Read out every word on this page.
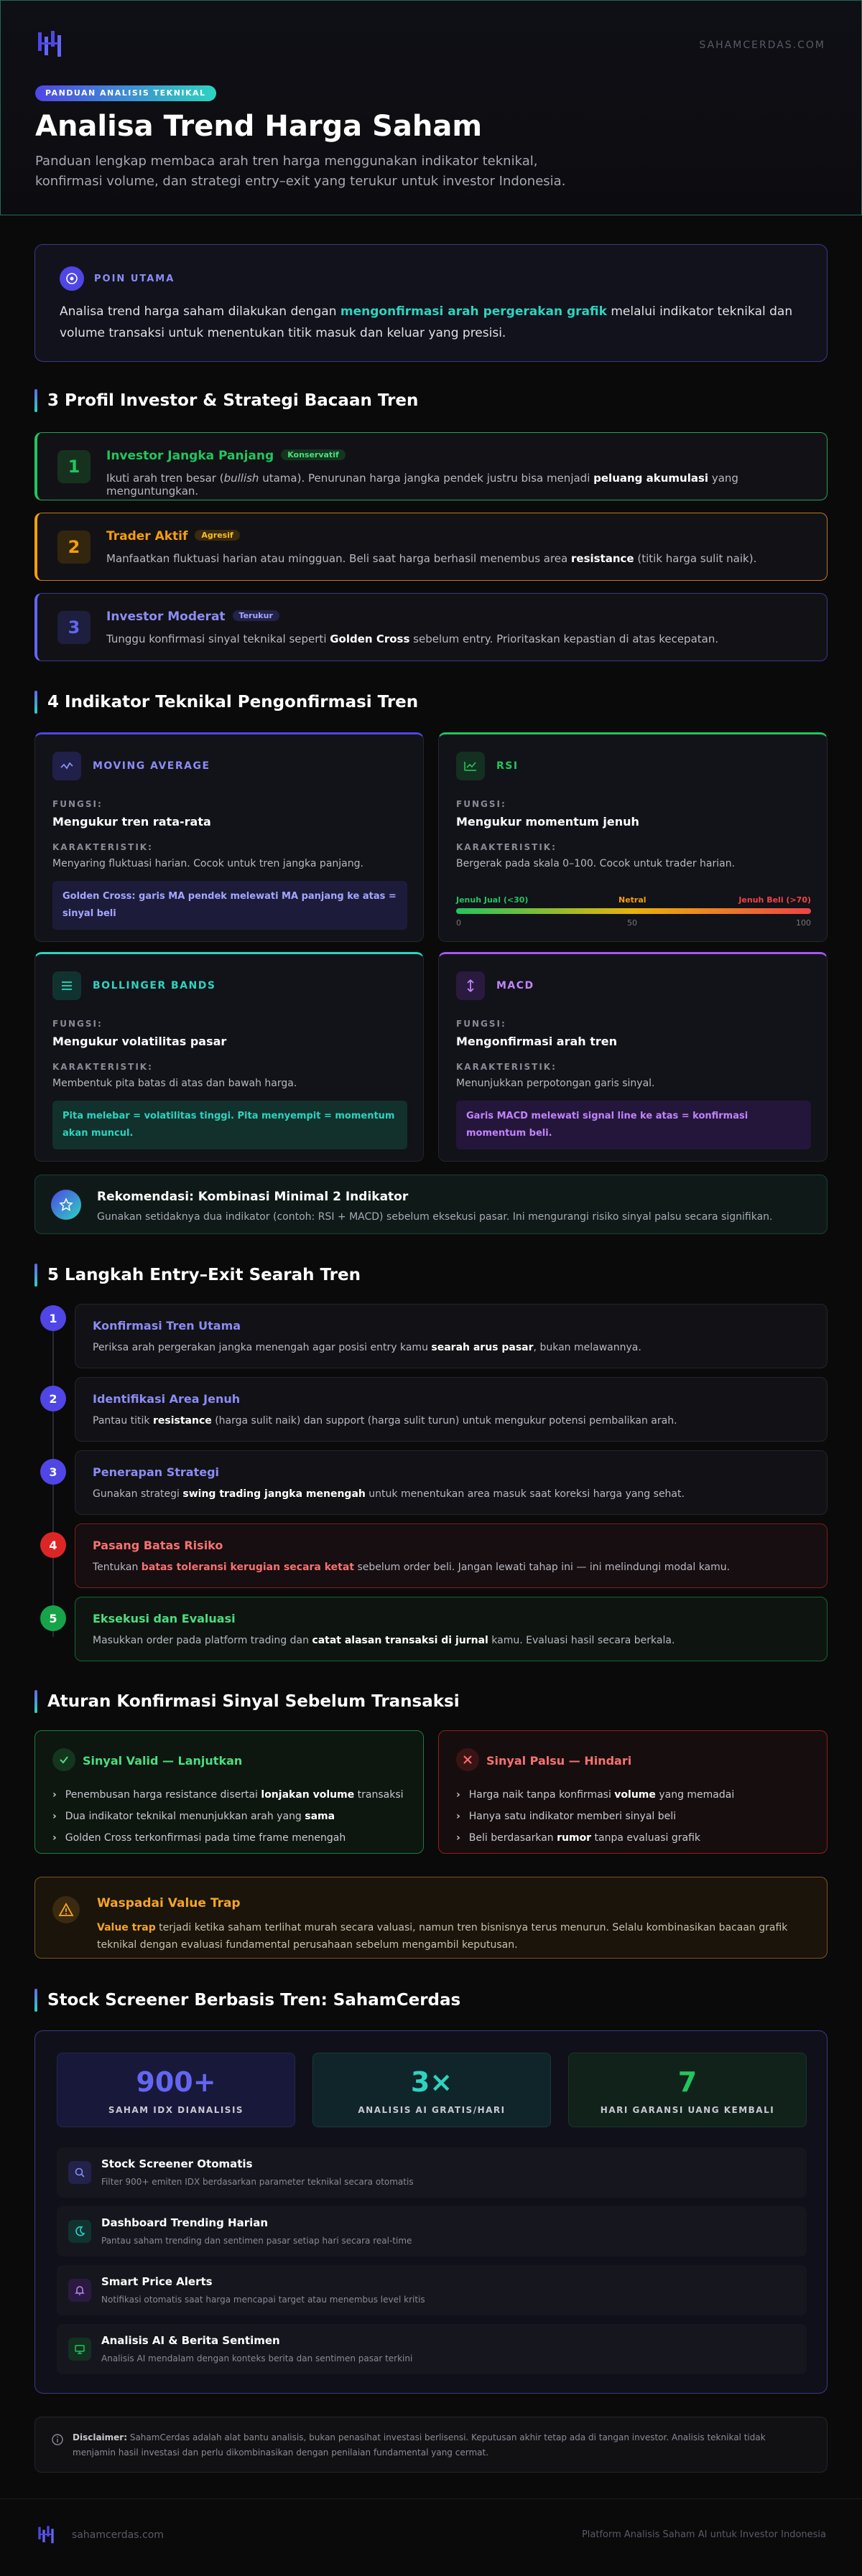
SAHAMCERDAS.COM
PANDUAN ANALISIS TEKNIKAL
Analisa Trend Harga Saham
Panduan lengkap membaca arah tren harga menggunakan indikator teknikal, konfirmasi volume, dan strategi entry–exit yang terukur untuk investor Indonesia.
POIN UTAMA
Analisa trend harga saham dilakukan dengan mengonfirmasi arah pergerakan grafik melalui indikator teknikal dan volume transaksi untuk menentukan titik masuk dan keluar yang presisi.
3 Profil Investor & Strategi Bacaan Tren
1
Investor Jangka Panjang Konservatif
Ikuti arah tren besar (bullish utama). Penurunan harga jangka pendek justru bisa menjadi peluang akumulasi yang menguntungkan.
2
Trader Aktif Agresif
Manfaatkan fluktuasi harian atau mingguan. Beli saat harga berhasil menembus area resistance (titik harga sulit naik).
3
Investor Moderat Terukur
Tunggu konfirmasi sinyal teknikal seperti Golden Cross sebelum entry. Prioritaskan kepastian di atas kecepatan.
4 Indikator Teknikal Pengonfirmasi Tren
MOVING AVERAGE
FUNGSI:
Mengukur tren rata-rata
KARAKTERISTIK:
Menyaring fluktuasi harian. Cocok untuk tren jangka panjang.
Golden Cross: garis MA pendek melewati MA panjang ke atas = sinyal beli
RSI
FUNGSI:
Mengukur momentum jenuh
KARAKTERISTIK:
Bergerak pada skala 0–100. Cocok untuk trader harian.
Jenuh Jual (<30)	Netral	Jenuh Beli (>70)
0	50	100
BOLLINGER BANDS
FUNGSI:
Mengukur volatilitas pasar
KARAKTERISTIK:
Membentuk pita batas di atas dan bawah harga.
Pita melebar = volatilitas tinggi. Pita menyempit = momentum akan muncul.
MACD
FUNGSI:
Mengonfirmasi arah tren
KARAKTERISTIK:
Menunjukkan perpotongan garis sinyal.
Garis MACD melewati signal line ke atas = konfirmasi momentum beli.
Rekomendasi: Kombinasi Minimal 2 Indikator
Gunakan setidaknya dua indikator (contoh: RSI + MACD) sebelum eksekusi pasar. Ini mengurangi risiko sinyal palsu secara signifikan.
5 Langkah Entry–Exit Searah Tren
1
Konfirmasi Tren Utama
Periksa arah pergerakan jangka menengah agar posisi entry kamu searah arus pasar, bukan melawannya.
2	Identifikasi Area Jenuh
Pantau titik resistance (harga sulit naik) dan support (harga sulit turun) untuk mengukur potensi pembalikan arah.
3	Penerapan Strategi
Gunakan strategi swing trading jangka menengah untuk menentukan area masuk saat koreksi harga yang sehat.
4	Pasang Batas Risiko
Tentukan batas toleransi kerugian secara ketat sebelum order beli. Jangan lewati tahap ini — ini melindungi modal kamu.
5	Eksekusi dan Evaluasi
Masukkan order pada platform trading dan catat alasan transaksi di jurnal kamu. Evaluasi hasil secara berkala.
Aturan Konfirmasi Sinyal Sebelum Transaksi
Sinyal Valid — Lanjutkan
› Penembusan harga resistance disertai lonjakan volume transaksi
› Dua indikator teknikal menunjukkan arah yang sama
› Golden Cross terkonfirmasi pada time frame menengah
Sinyal Palsu — Hindari
› Harga naik tanpa konfirmasi volume yang memadai
› Hanya satu indikator memberi sinyal beli
› Beli berdasarkan rumor tanpa evaluasi grafik
Waspadai Value Trap
Value trap terjadi ketika saham terlihat murah secara valuasi, namun tren bisnisnya terus menurun. Selalu kombinasikan bacaan grafik teknikal dengan evaluasi fundamental perusahaan sebelum mengambil keputusan.
Stock Screener Berbasis Tren: SahamCerdas
900+
SAHAM IDX DIANALISIS
3×
ANALISIS AI GRATIS/HARI
7
HARI GARANSI UANG KEMBALI
Stock Screener Otomatis
Filter 900+ emiten IDX berdasarkan parameter teknikal secara otomatis
Dashboard Trending Harian
Pantau saham trending dan sentimen pasar setiap hari secara real-time
Smart Price Alerts
Notifikasi otomatis saat harga mencapai target atau menembus level kritis
Analisis AI & Berita Sentimen
Analisis AI mendalam dengan konteks berita dan sentimen pasar terkini
Disclaimer: SahamCerdas adalah alat bantu analisis, bukan penasihat investasi berlisensi. Keputusan akhir tetap ada di tangan investor. Analisis teknikal tidak menjamin hasil investasi dan perlu dikombinasikan dengan penilaian fundamental yang cermat.
sahamcerdas.com	Platform Analisis Saham AI untuk Investor Indonesia
